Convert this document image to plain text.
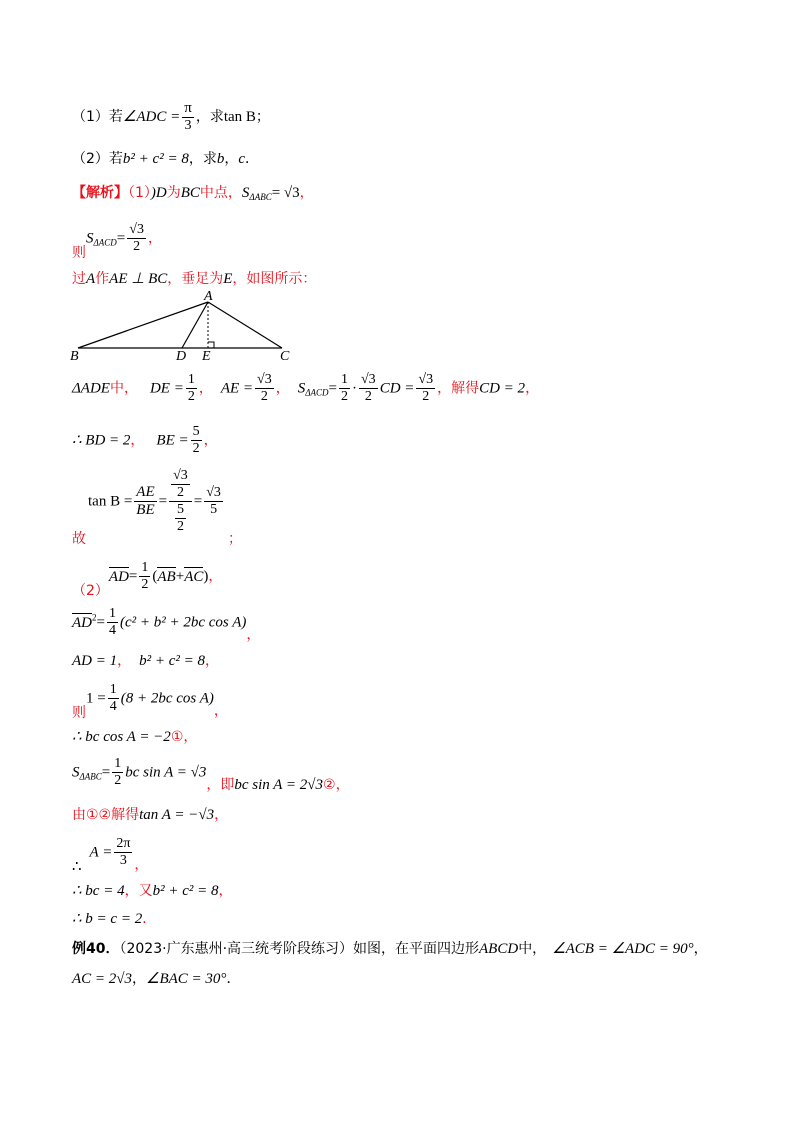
（1）若∠ADC = $\frac{\pi}{3}$ ，求tan B；
（2）若b² + c² = 8，求b，c．
【解析】（1）)D为BC中点，$S_{\Delta ABC}= √3$，
则$S_{\Delta ACD}= \frac{√3}{2}$ ，
过A作AE ⊥ BC，垂足为E，如图所示：
A
B	C
D E
ΔADE中， DE = $\frac{1}{2}$ ， AE = $\frac{√3}{2}$ ， $S_{\Delta ACD}= \frac{1}{2} \cdot \frac{√3}{2}$ CD = $\frac{√3}{2}$ ，解得CD = 2，
∴ BD = 2， BE = $\frac{5}{2}$ ，
$\tan B = \frac{AE}{BE} = \frac{\frac{√3}{2}}{\frac{5}{2}} = \frac{√3}{5}$
故	；
$(2)AD= \frac{1}{2} (AB+AC)$，
$AD^2= \frac{1}{4} (c^2 + b^2 + 2bc$ cos A)，
AD = 1， b² + c² = 8，
则$1 = \frac{1}{4} (8 + 2bc$ cos A)，
∴ bc cos A = −2①，
$S_{\Delta ABC}= \frac{1}{2}$ bc sin A = √3，即bc sin A = 2√3②，
由①②解得tan A = −√3，
∴A = $\frac{2\pi}{3}$ ，
∴ bc = 4，又b² + c² = 8，
∴ b = c = 2．
例40．（2023·广东惠州·高三统考阶段练习）如图，在平面四边形ABCD中， ∠ACB = ∠ADC = 90°，
AC = 2√3，∠BAC = 30°．
